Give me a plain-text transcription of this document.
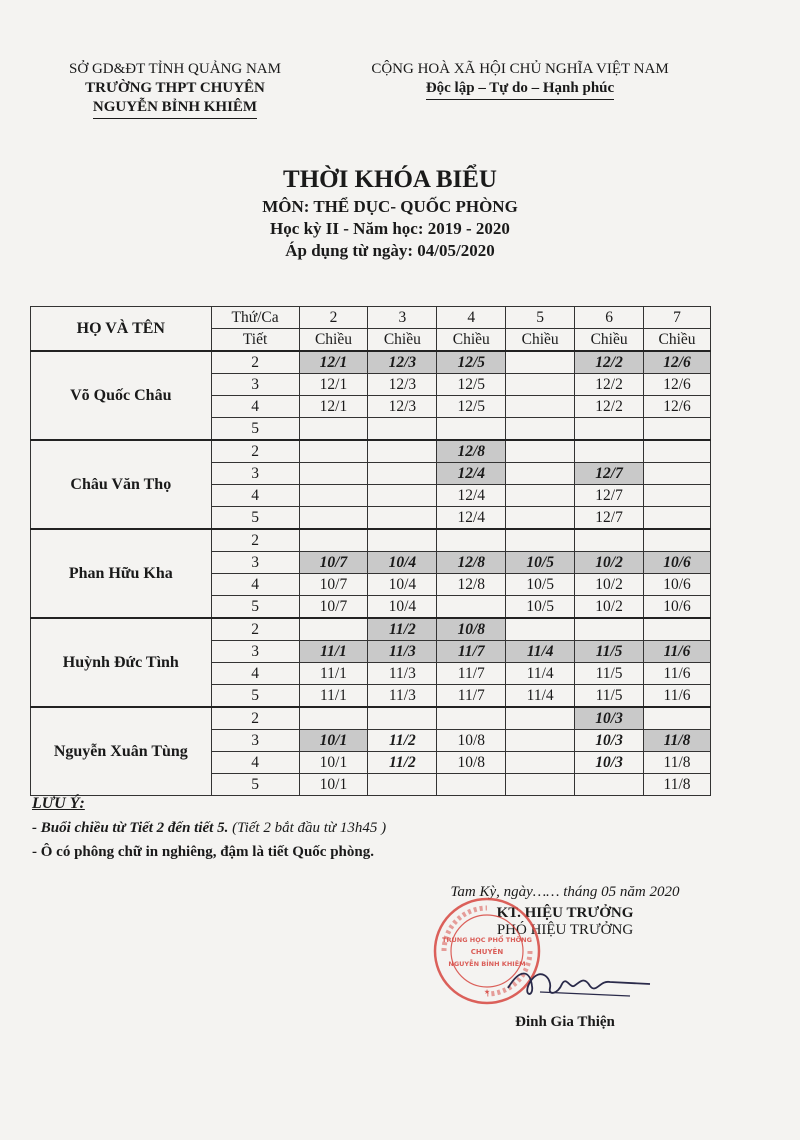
SỞ GD&ĐT TỈNH QUẢNG NAM
TRƯỜNG THPT CHUYÊN
NGUYỄN BỈNH KHIÊM
CỘNG HOÀ XÃ HỘI CHỦ NGHĨA VIỆT NAM
Độc lập – Tự do – Hạnh phúc
THỜI KHÓA BIỂU
MÔN: THỂ DỤC- QUỐC PHÒNG
Học kỳ II - Năm học: 2019 - 2020
Áp dụng từ ngày: 04/05/2020
HỌ VÀ TÊN	Thứ/Ca	2	3	4	5	6	7
	Tiết	Chiều	Chiều	Chiều	Chiều	Chiều	Chiều
Võ Quốc Châu	2	12/1	12/3	12/5		12/2	12/6
	3	12/1	12/3	12/5		12/2	12/6
	4	12/1	12/3	12/5		12/2	12/6
	5						
Châu Văn Thọ	2			12/8			
	3			12/4		12/7	
	4			12/4		12/7	
	5			12/4		12/7	
Phan Hữu Kha	2						
	3	10/7	10/4	12/8	10/5	10/2	10/6
	4	10/7	10/4	12/8	10/5	10/2	10/6
	5	10/7	10/4		10/5	10/2	10/6
Huỳnh Đức Tình	2		11/2	10/8			
	3	11/1	11/3	11/7	11/4	11/5	11/6
	4	11/1	11/3	11/7	11/4	11/5	11/6
	5	11/1	11/3	11/7	11/4	11/5	11/6
Nguyễn Xuân Tùng	2					10/3	
	3	10/1	11/2	10/8		10/3	11/8
	4	10/1	11/2	10/8		10/3	11/8
	5	10/1					11/8
LƯU Ý:
- Buổi chiều từ Tiết 2 đến tiết 5. (Tiết 2 bắt đầu từ 13h45 )
- Ô có phông chữ in nghiêng, đậm là tiết Quốc phòng.
Tam Kỳ, ngày…… tháng 05 năm 2020
KT. HIỆU TRƯỞNG
PHÓ HIỆU TRƯỞNG
Đinh Gia Thiện
TRUNG HỌC PHỔ THÔNG
CHUYÊN
NGUYỄN BỈNH KHIÊM
★
